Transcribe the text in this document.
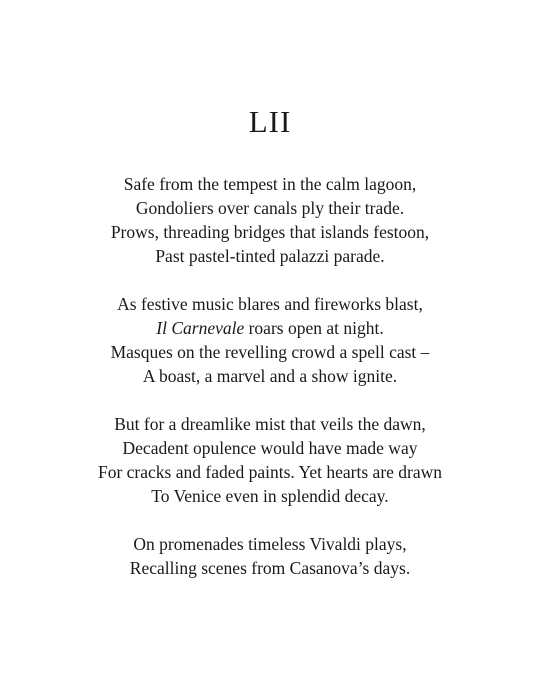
LII
Safe from the tempest in the calm lagoon,
Gondoliers over canals ply their trade.
Prows, threading bridges that islands festoon,
Past pastel-tinted palazzi parade.
As festive music blares and fireworks blast,
Il Carnevale roars open at night.
Masques on the revelling crowd a spell cast –
A boast, a marvel and a show ignite.
But for a dreamlike mist that veils the dawn,
Decadent opulence would have made way
For cracks and faded paints. Yet hearts are drawn
To Venice even in splendid decay.
On promenades timeless Vivaldi plays,
Recalling scenes from Casanova’s days.
